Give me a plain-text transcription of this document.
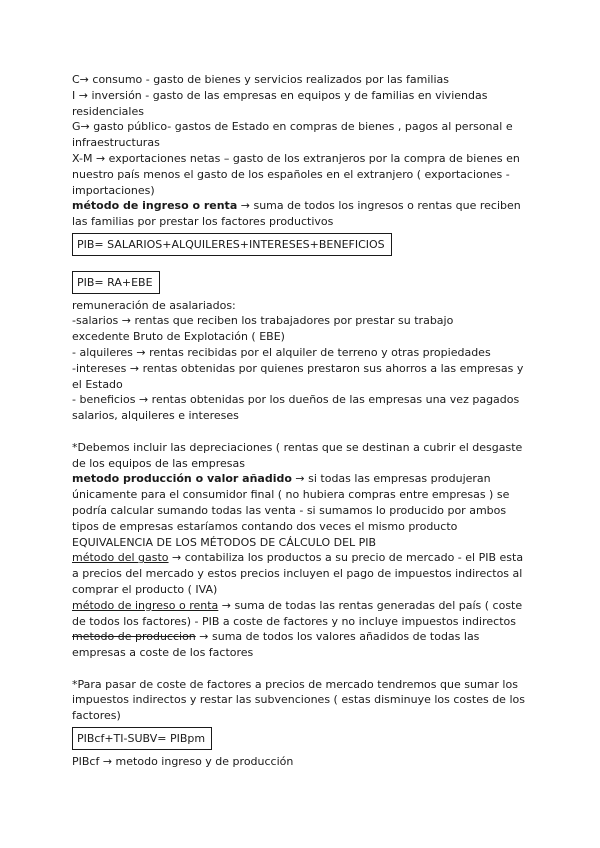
C→ consumo - gasto de bienes y servicios realizados por las familias

I → inversión - gasto de las empresas en equipos y de familias en viviendas residenciales

G→ gasto público- gastos de Estado en compras de bienes , pagos al personal e infraestructuras

X-M → exportaciones netas – gasto de los extranjeros por la compra de bienes en nuestro país menos el gasto de los españoles en el extranjero ( exportaciones - importaciones)

método de ingreso o renta → suma de todos los ingresos o rentas que reciben las familias por prestar los factores productivos

PIB= SALARIOS+ALQUILERES+INTERESES+BENEFICIOS
PIB= RA+EBE

remuneración de asalariados:

-salarios → rentas que reciben los trabajadores por prestar su trabajo

excedente Bruto de Explotación ( EBE)

- alquileres → rentas recibidas por el alquiler de terreno y otras propiedades

-intereses → rentas obtenidas por quienes prestaron sus ahorros a las empresas y el Estado

- beneficios → rentas obtenidas por los dueños de las empresas una vez pagados salarios, alquileres e intereses

*Debemos incluir las depreciaciones ( rentas que se destinan a cubrir el desgaste de los equipos de las empresas

metodo producción o valor añadido → si todas las empresas produjeran únicamente para el consumidor final ( no hubiera compras entre empresas ) se podría calcular sumando todas las venta - si sumamos lo producido por ambos tipos de empresas estaríamos contando dos veces el mismo producto

EQUIVALENCIA DE LOS MÉTODOS DE CÁLCULO DEL PIB

método del gasto → contabiliza los productos a su precio de mercado - el PIB esta a precios del mercado y estos precios incluyen el pago de impuestos indirectos al comprar el producto ( IVA)

método de ingreso o renta → suma de todas las rentas generadas del país ( coste de todos los factores) - PIB a coste de factores y no incluye impuestos indirectos

metodo de produccion → suma de todos los valores añadidos de todas las empresas a coste de los factores

*Para pasar de coste de factores a precios de mercado tendremos que sumar los impuestos indirectos y restar las subvenciones ( estas disminuye los costes de los factores)

PIBcf+TI-SUBV= PIBpm

PIBcf → metodo ingreso y de producción
